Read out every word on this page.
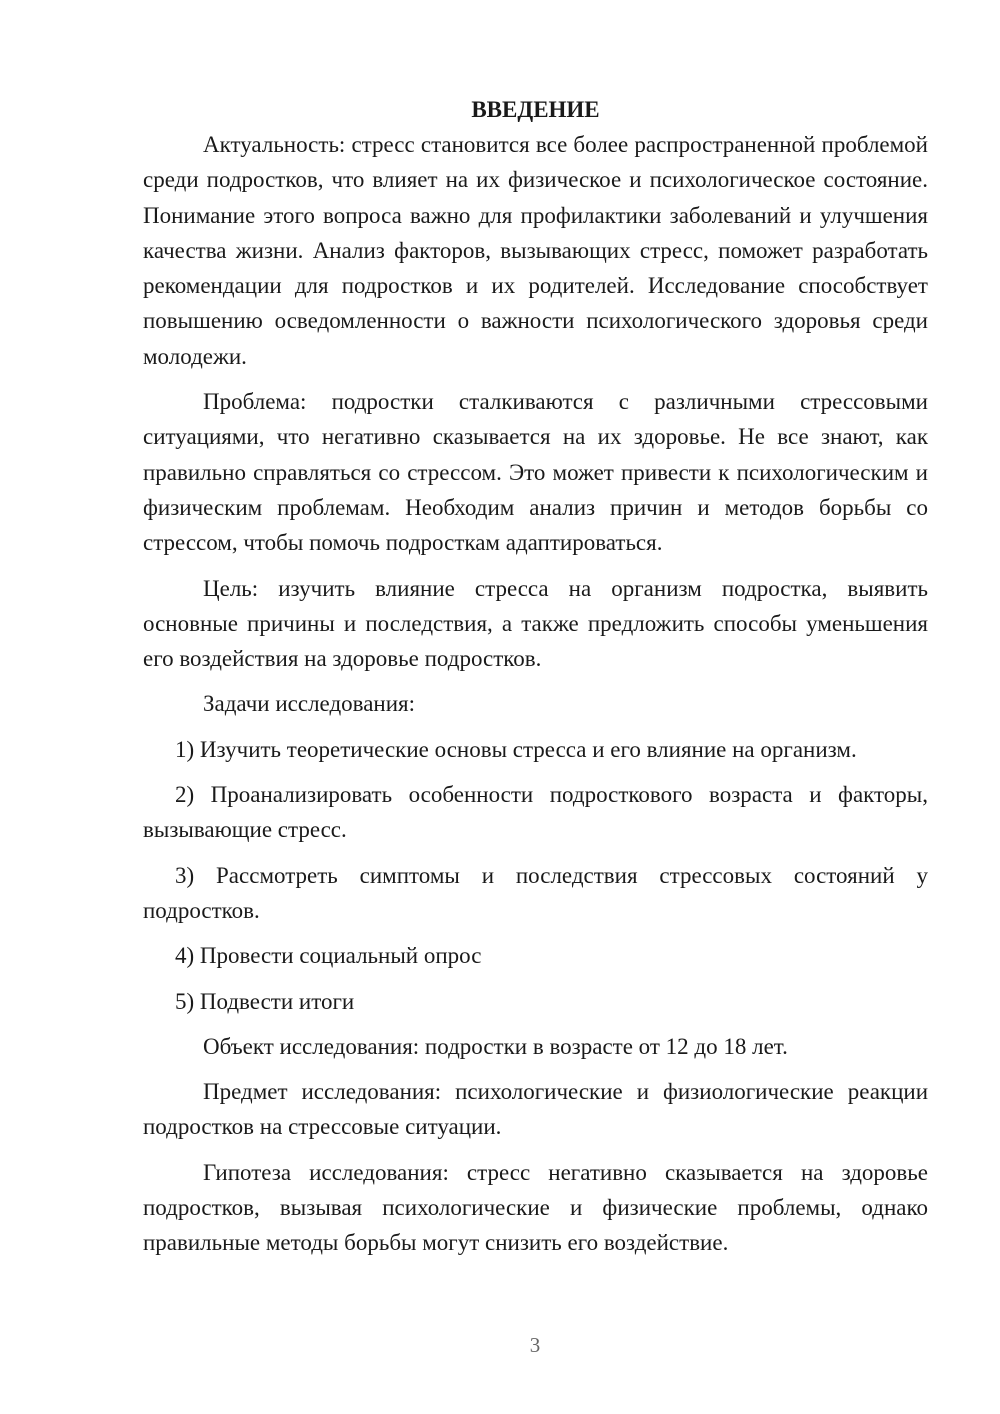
ВВЕДЕНИЕ

Актуальность: стресс становится все более распространенной проблемой среди подростков, что влияет на их физическое и психологическое состояние. Понимание этого вопроса важно для профилактики заболеваний и улучшения качества жизни. Анализ факторов, вызывающих стресс, поможет разработать рекомендации для подростков и их родителей. Исследование способствует повышению осведомленности о важности психологического здоровья среди молодежи.

Проблема: подростки сталкиваются с различными стрессовыми ситуациями, что негативно сказывается на их здоровье. Не все знают, как правильно справляться со стрессом. Это может привести к психологическим и физическим проблемам. Необходим анализ причин и методов борьбы со стрессом, чтобы помочь подросткам адаптироваться.

Цель: изучить влияние стресса на организм подростка, выявить основные причины и последствия, а также предложить способы уменьшения его воздействия на здоровье подростков.

Задачи исследования:

1) Изучить теоретические основы стресса и его влияние на организм.

2) Проанализировать особенности подросткового возраста и факторы, вызывающие стресс.

3) Рассмотреть симптомы и последствия стрессовых состояний у подростков.

4) Провести социальный опрос

5) Подвести итоги

Объект исследования: подростки в возрасте от 12 до 18 лет.

Предмет исследования: психологические и физиологические реакции подростков на стрессовые ситуации.

Гипотеза исследования: стресс негативно сказывается на здоровье подростков, вызывая психологические и физические проблемы, однако правильные методы борьбы могут снизить его воздействие.

3
